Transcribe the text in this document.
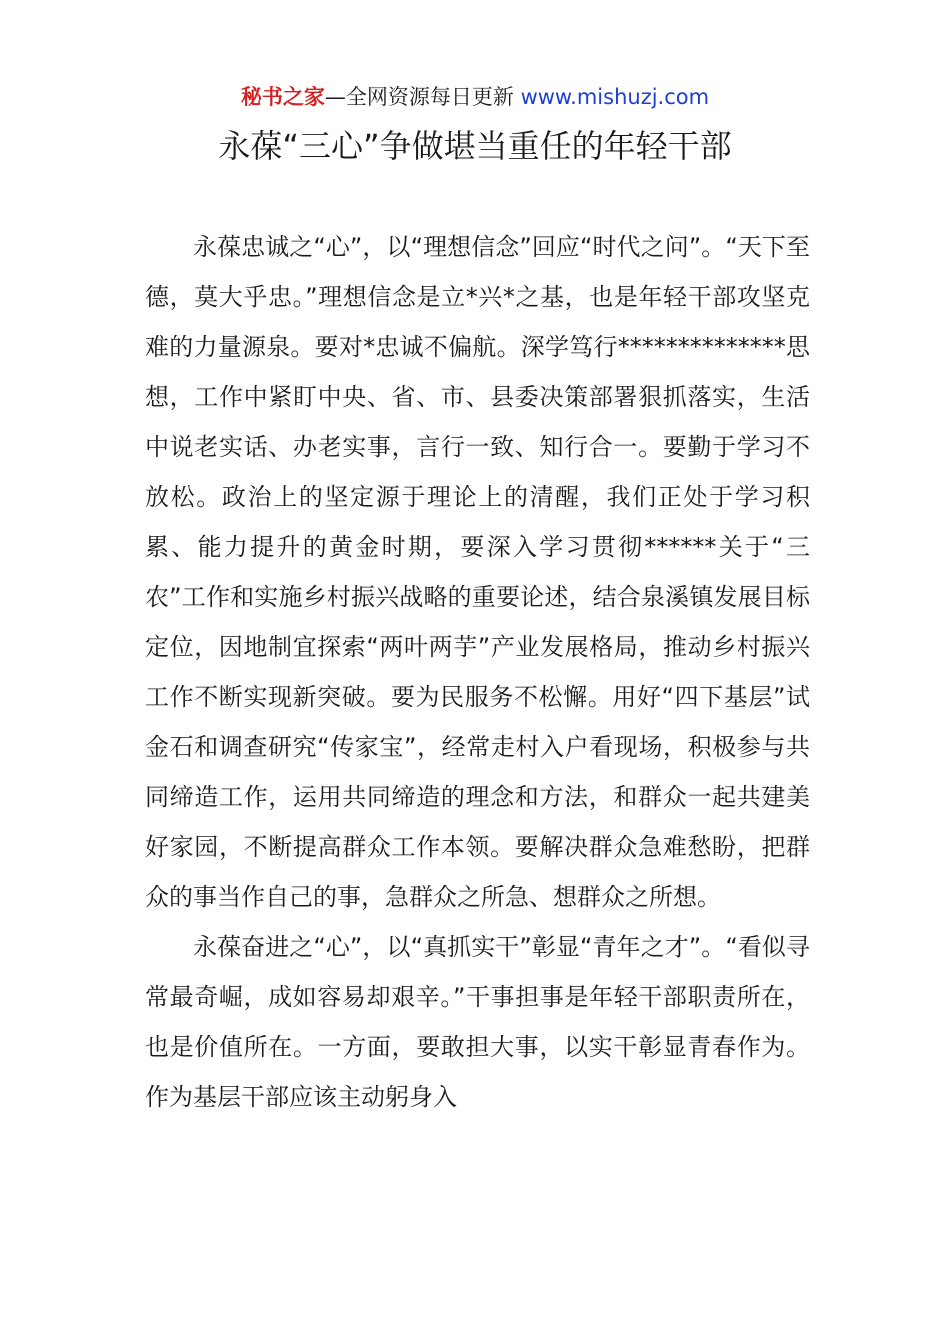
秘书之家—全网资源每日更新 www.mishuzj.com
永葆“三心”争做堪当重任的年轻干部

永葆忠诚之“心”，以“理想信念”回应“时代之问”。“天下至德，莫大乎忠。”理想信念是立*兴*之基，也是年轻干部攻坚克难的力量源泉。要对*忠诚不偏航。深学笃行**************思想，工作中紧盯中央、省、市、县委决策部署狠抓落实，生活中说老实话、办老实事，言行一致、知行合一。要勤于学习不放松。政治上的坚定源于理论上的清醒，我们正处于学习积累、能力提升的黄金时期，要深入学习贯彻******关于“三农”工作和实施乡村振兴战略的重要论述，结合泉溪镇发展目标定位，因地制宜探索“两叶两芋”产业发展格局，推动乡村振兴工作不断实现新突破。要为民服务不松懈。用好“四下基层”试金石和调查研究“传家宝”，经常走村入户看现场，积极参与共同缔造工作，运用共同缔造的理念和方法，和群众一起共建美好家园，不断提高群众工作本领。要解决群众急难愁盼，把群众的事当作自己的事，急群众之所急、想群众之所想。

永葆奋进之“心”，以“真抓实干”彰显“青年之才”。“看似寻常最奇崛，成如容易却艰辛。”干事担事是年轻干部职责所在，也是价值所在。一方面，要敢担大事，以实干彰显青春作为。作为基层干部应该主动躬身入
